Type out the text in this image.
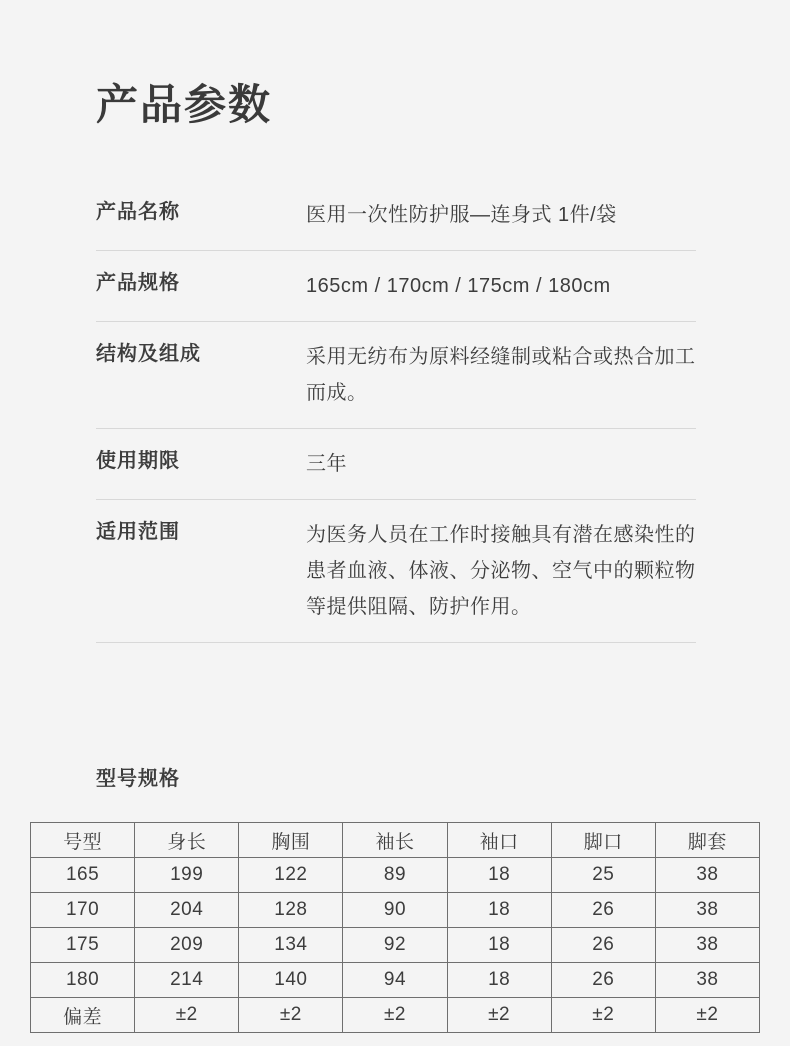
产品参数
产品名称	医用一次性防护服—连身式 1件/袋
产品规格	165cm / 170cm / 175cm / 180cm
结构及组成	采用无纺布为原料经缝制或粘合或热合加工而成。
使用期限	三年
适用范围	为医务人员在工作时接触具有潜在感染性的患者血液、体液、分泌物、空气中的颗粒物等提供阻隔、防护作用。
型号规格
号型	身长	胸围	袖长	袖口	脚口	脚套
165	199	122	89	18	25	38
170	204	128	90	18	26	38
175	209	134	92	18	26	38
180	214	140	94	18	26	38
偏差	±2	±2	±2	±2	±2	±2
